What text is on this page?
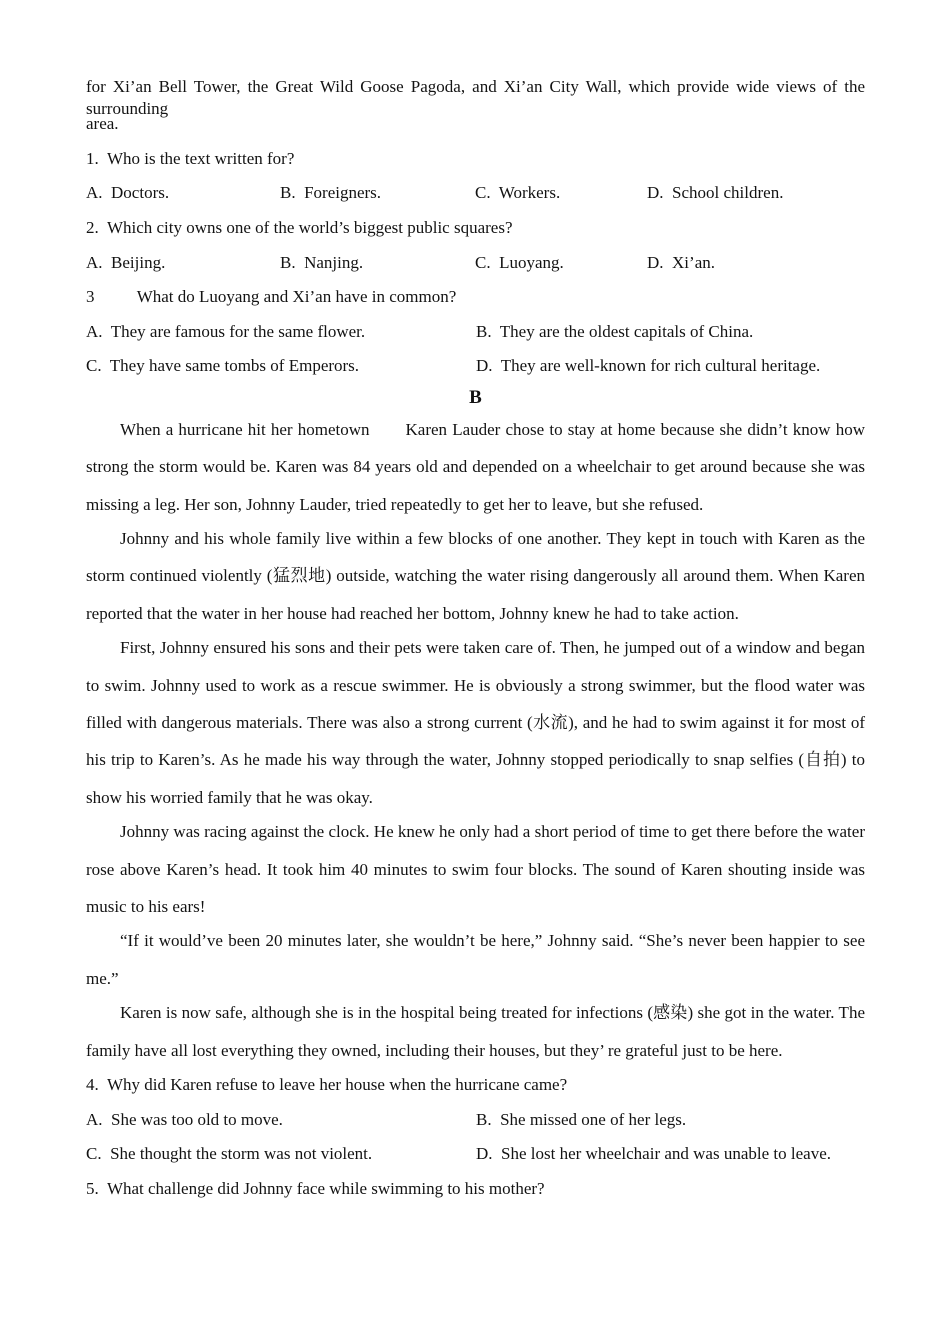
for Xi’an Bell Tower, the Great Wild Goose Pagoda, and Xi’an City Wall, which provide wide views of the surrounding
area.
1.  Who is the text written for?
A.  Doctors.	B.  Foreigners.	C.  Workers.	D.  School children.
2.  Which city owns one of the world’s biggest public squares?
A.  Beijing.	B.  Nanjing.	C.  Luoyang.	D.  Xi’an.
3          What do Luoyang and Xi’an have in common?
A.  They are famous for the same flower.	B.  They are the oldest capitals of China.
C.  They have same tombs of Emperors.	D.  They are well-known for rich cultural heritage.
B
When a hurricane hit her hometown       Karen Lauder chose to stay at home because she didn’t know how
strong the storm would be. Karen was 84 years old and depended on a wheelchair to get around because she was
missing a leg. Her son, Johnny Lauder, tried repeatedly to get her to leave, but she refused.
Johnny and his whole family live within a few blocks of one another. They kept in touch with Karen as the
storm continued violently (猛烈地) outside, watching the water rising dangerously all around them. When Karen
reported that the water in her house had reached her bottom, Johnny knew he had to take action.
First, Johnny ensured his sons and their pets were taken care of. Then, he jumped out of a window and began
to swim. Johnny used to work as a rescue swimmer. He is obviously a strong swimmer, but the flood water was
filled with dangerous materials. There was also a strong current (水流), and he had to swim against it for most of
his trip to Karen’s. As he made his way through the water, Johnny stopped periodically to snap selfies (自拍) to
show his worried family that he was okay.
Johnny was racing against the clock. He knew he only had a short period of time to get there before the water
rose above Karen’s head. It took him 40 minutes to swim four blocks. The sound of Karen shouting inside was
music to his ears!
“If it would’ve been 20 minutes later, she wouldn’t be here,” Johnny said. “She’s never been happier to see
me.”
Karen is now safe, although she is in the hospital being treated for infections (感染) she got in the water. The
family have all lost everything they owned, including their houses, but they’ re grateful just to be here.
4.  Why did Karen refuse to leave her house when the hurricane came?
A.  She was too old to move.	B.  She missed one of her legs.
C.  She thought the storm was not violent.	D.  She lost her wheelchair and was unable to leave.
5.  What challenge did Johnny face while swimming to his mother?
